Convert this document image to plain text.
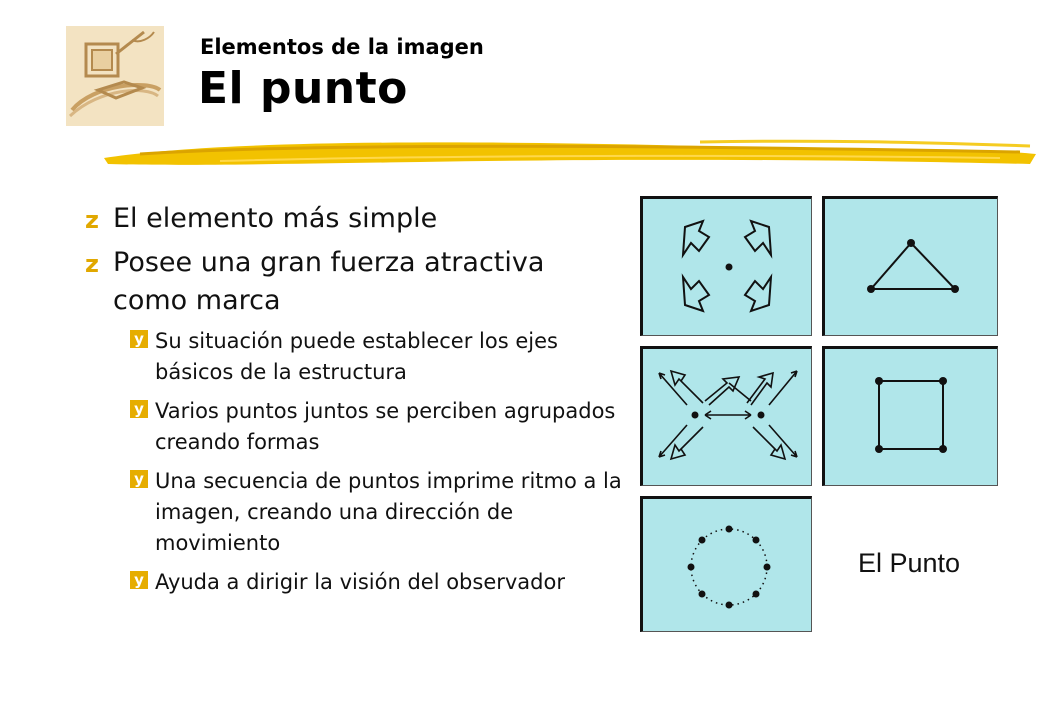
Elementos de la imagen
El punto
z El elemento más simple
z Posee una gran fuerza atractiva como marca
y Su situación puede establecer los ejes básicos de la estructura
y Varios puntos juntos se perciben agrupados creando formas
y Una secuencia de puntos imprime ritmo a la imagen, creando una dirección de movimiento
y Ayuda a dirigir la visión del observador
El Punto
